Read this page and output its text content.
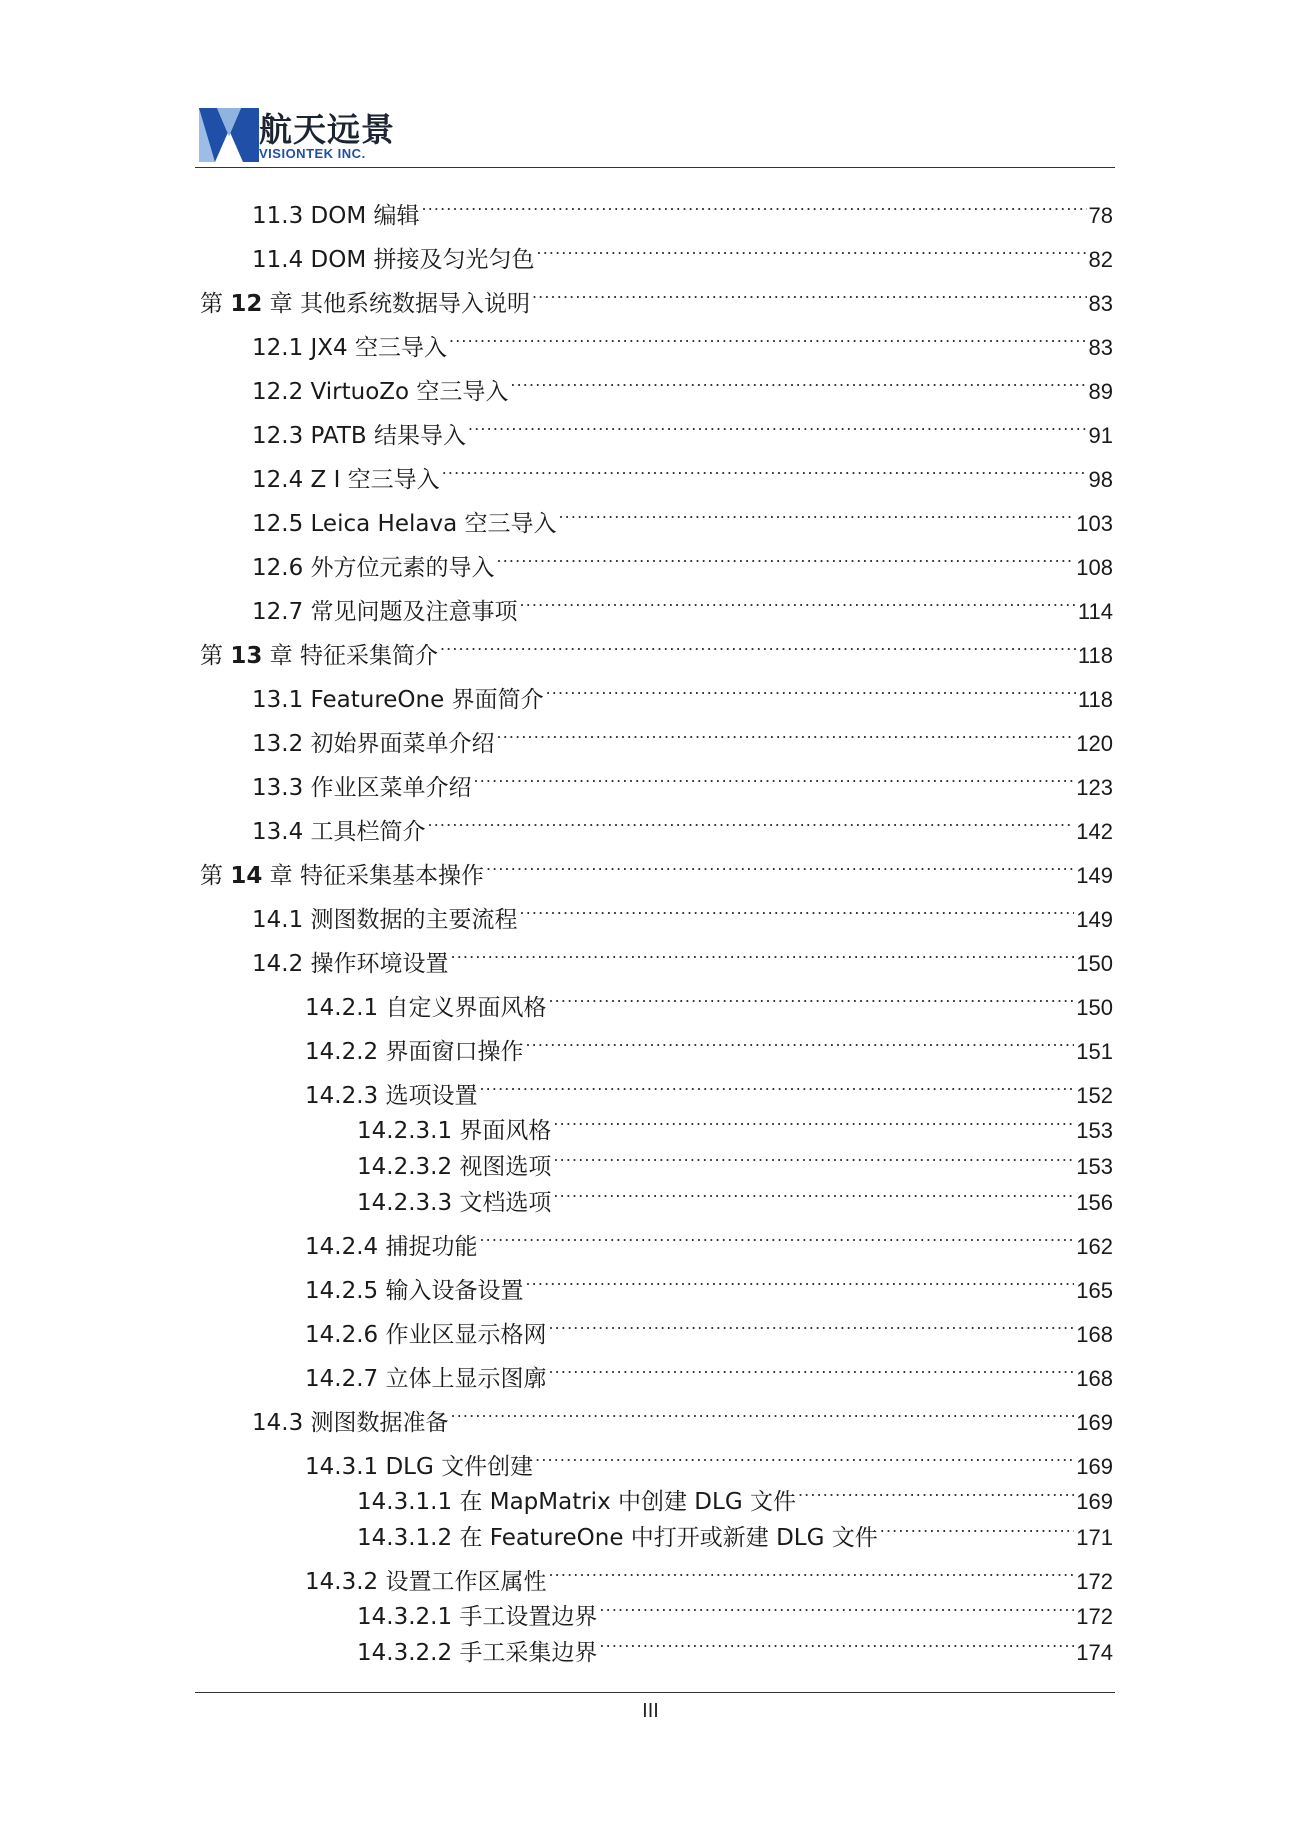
航天远景
VISIONTEK INC.
11.3 DOM 编辑 .....	78
11.4 DOM 拼接及匀光匀色 .....	82
第 12 章 其他系统数据导入说明 .....	83
12.1 JX4 空三导入 .....	83
12.2 VirtuoZo 空三导入 .....	89
12.3 PATB 结果导入 .....	91
12.4 Z I 空三导入 .....	98
12.5 Leica Helava 空三导入 .....	103
12.6 外方位元素的导入 .....	108
12.7 常见问题及注意事项 .....	114
第 13 章 特征采集简介 .....	118
13.1 FeatureOne 界面简介 .....	118
13.2 初始界面菜单介绍 .....	120
13.3 作业区菜单介绍 .....	123
13.4 工具栏简介 .....	142
第 14 章 特征采集基本操作 .....	149
14.1 测图数据的主要流程 .....	149
14.2 操作环境设置 .....	150
14.2.1 自定义界面风格 .....	150
14.2.2 界面窗口操作 .....	151
14.2.3 选项设置 .....	152
14.2.3.1 界面风格 .....	153
14.2.3.2 视图选项 .....	153
14.2.3.3 文档选项 .....	156
14.2.4 捕捉功能 .....	162
14.2.5 输入设备设置 .....	165
14.2.6 作业区显示格网 .....	168
14.2.7 立体上显示图廓 .....	168
14.3 测图数据准备 .....	169
14.3.1 DLG 文件创建 .....	169
14.3.1.1 在 MapMatrix 中创建 DLG 文件 .....	169
14.3.1.2 在 FeatureOne 中打开或新建 DLG 文件 .....	171
14.3.2 设置工作区属性 .....	172
14.3.2.1 手工设置边界 .....	172
14.3.2.2 手工采集边界 .....	174
III
